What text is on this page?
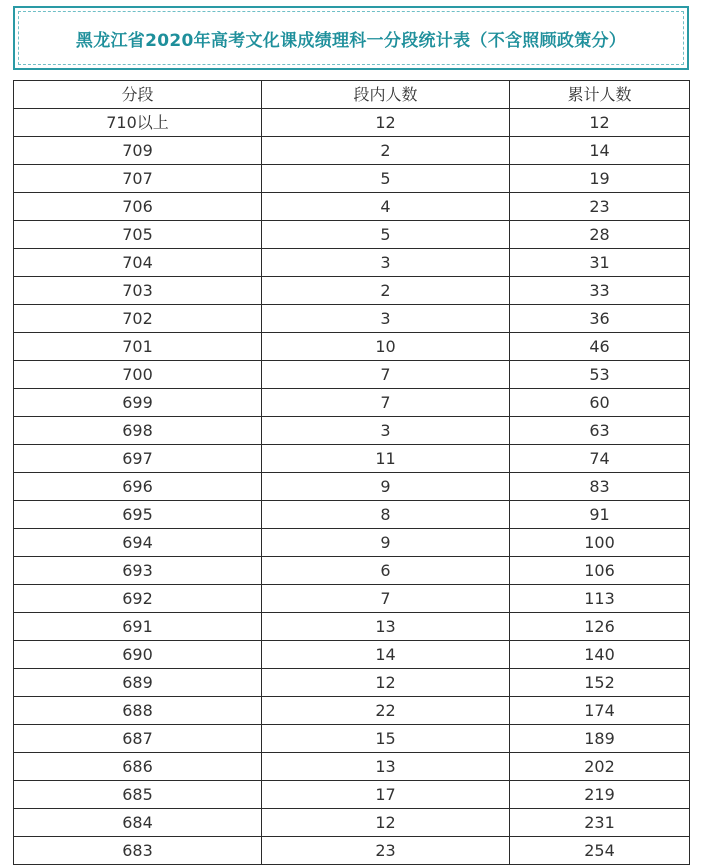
黑龙江省2020年高考文化课成绩理科一分段统计表（不含照顾政策分）
分段	段内人数	累计人数
710以上	12	12
709	2	14
707	5	19
706	4	23
705	5	28
704	3	31
703	2	33
702	3	36
701	10	46
700	7	53
699	7	60
698	3	63
697	11	74
696	9	83
695	8	91
694	9	100
693	6	106
692	7	113
691	13	126
690	14	140
689	12	152
688	22	174
687	15	189
686	13	202
685	17	219
684	12	231
683	23	254
